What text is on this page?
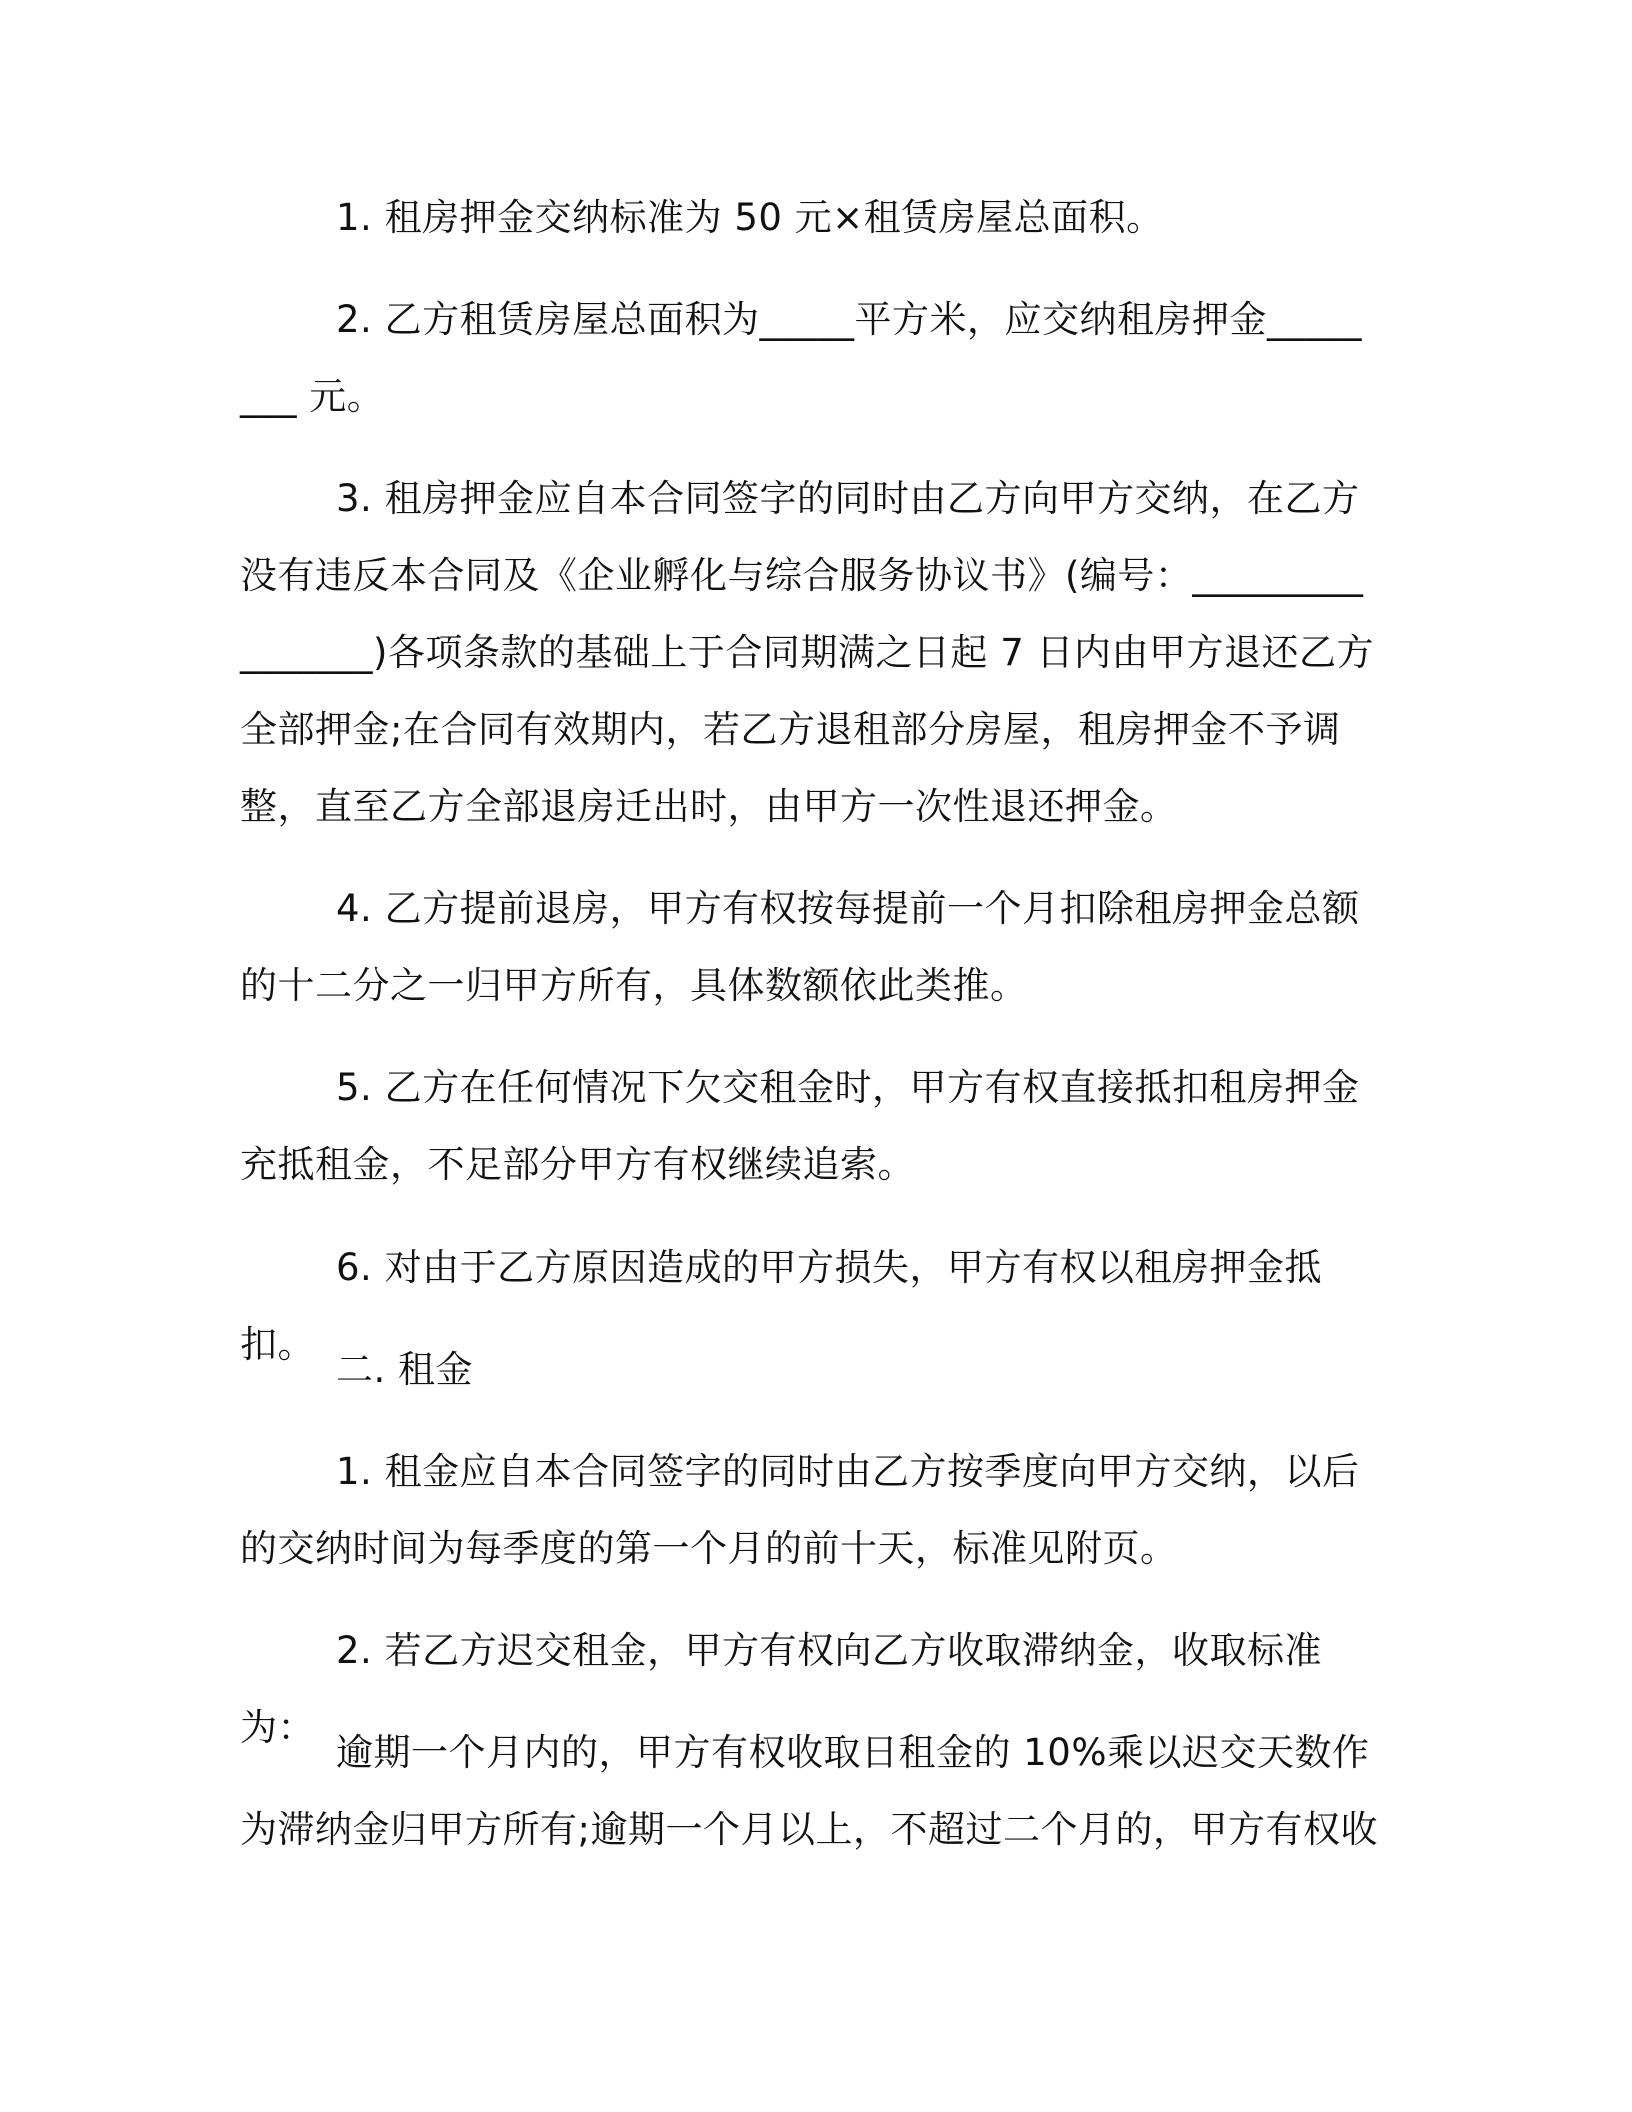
1. 租房押金交纳标准为 50 元×租赁房屋总面积。

2. 乙方租赁房屋总面积为_____平方米，应交纳租房押金________ 元。

3. 租房押金应自本合同签字的同时由乙方向甲方交纳，在乙方没有违反本合同及《企业孵化与综合服务协议书》(编号：________________)各项条款的基础上于合同期满之日起 7 日内由甲方退还乙方全部押金;在合同有效期内，若乙方退租部分房屋，租房押金不予调整，直至乙方全部退房迁出时，由甲方一次性退还押金。

4. 乙方提前退房，甲方有权按每提前一个月扣除租房押金总额的十二分之一归甲方所有，具体数额依此类推。

5. 乙方在任何情况下欠交租金时，甲方有权直接抵扣租房押金充抵租金，不足部分甲方有权继续追索。

6. 对由于乙方原因造成的甲方损失，甲方有权以租房押金抵扣。

二. 租金

1. 租金应自本合同签字的同时由乙方按季度向甲方交纳，以后的交纳时间为每季度的第一个月的前十天，标准见附页。

2. 若乙方迟交租金，甲方有权向乙方收取滞纳金，收取标准为：

逾期一个月内的，甲方有权收取日租金的 10%乘以迟交天数作为滞纳金归甲方所有;逾期一个月以上，不超过二个月的，甲方有权收
